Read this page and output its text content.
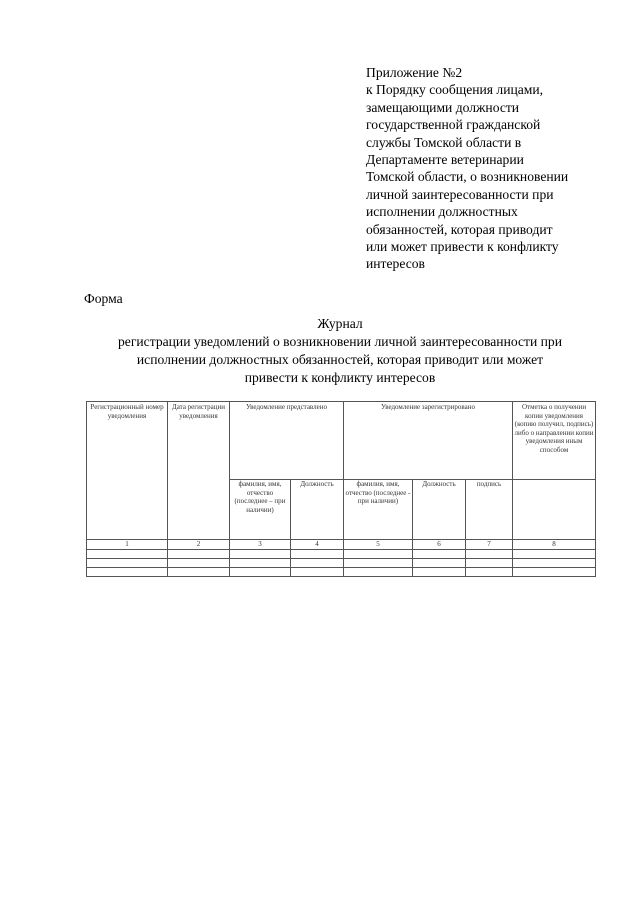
Приложение №2
к Порядку сообщения лицами,
замещающими должности
государственной гражданской
службы Томской области в
Департаменте ветеринарии
Томской области, о возникновении
личной заинтересованности при
исполнении должностных
обязанностей, которая приводит
или может привести к конфликту
интересов
Форма
Журнал
регистрации уведомлений о возникновении личной заинтересованности при
исполнении должностных обязанностей, которая приводит или может
привести к конфликту интересов
Регистрационный номер уведомления	Дата регистрации уведомления	Уведомление представлено		Уведомление зарегистрировано			Отметка о получении копии уведомления (копию получил, подпись) либо о направлении копии уведомления иным способом
		фамилия, имя, отчество (последнее – при наличии)	Должность	фамилия, имя, отчество (последнее - при наличии)	Должность	подпись	
1	2	3	4	5	6	7	8
